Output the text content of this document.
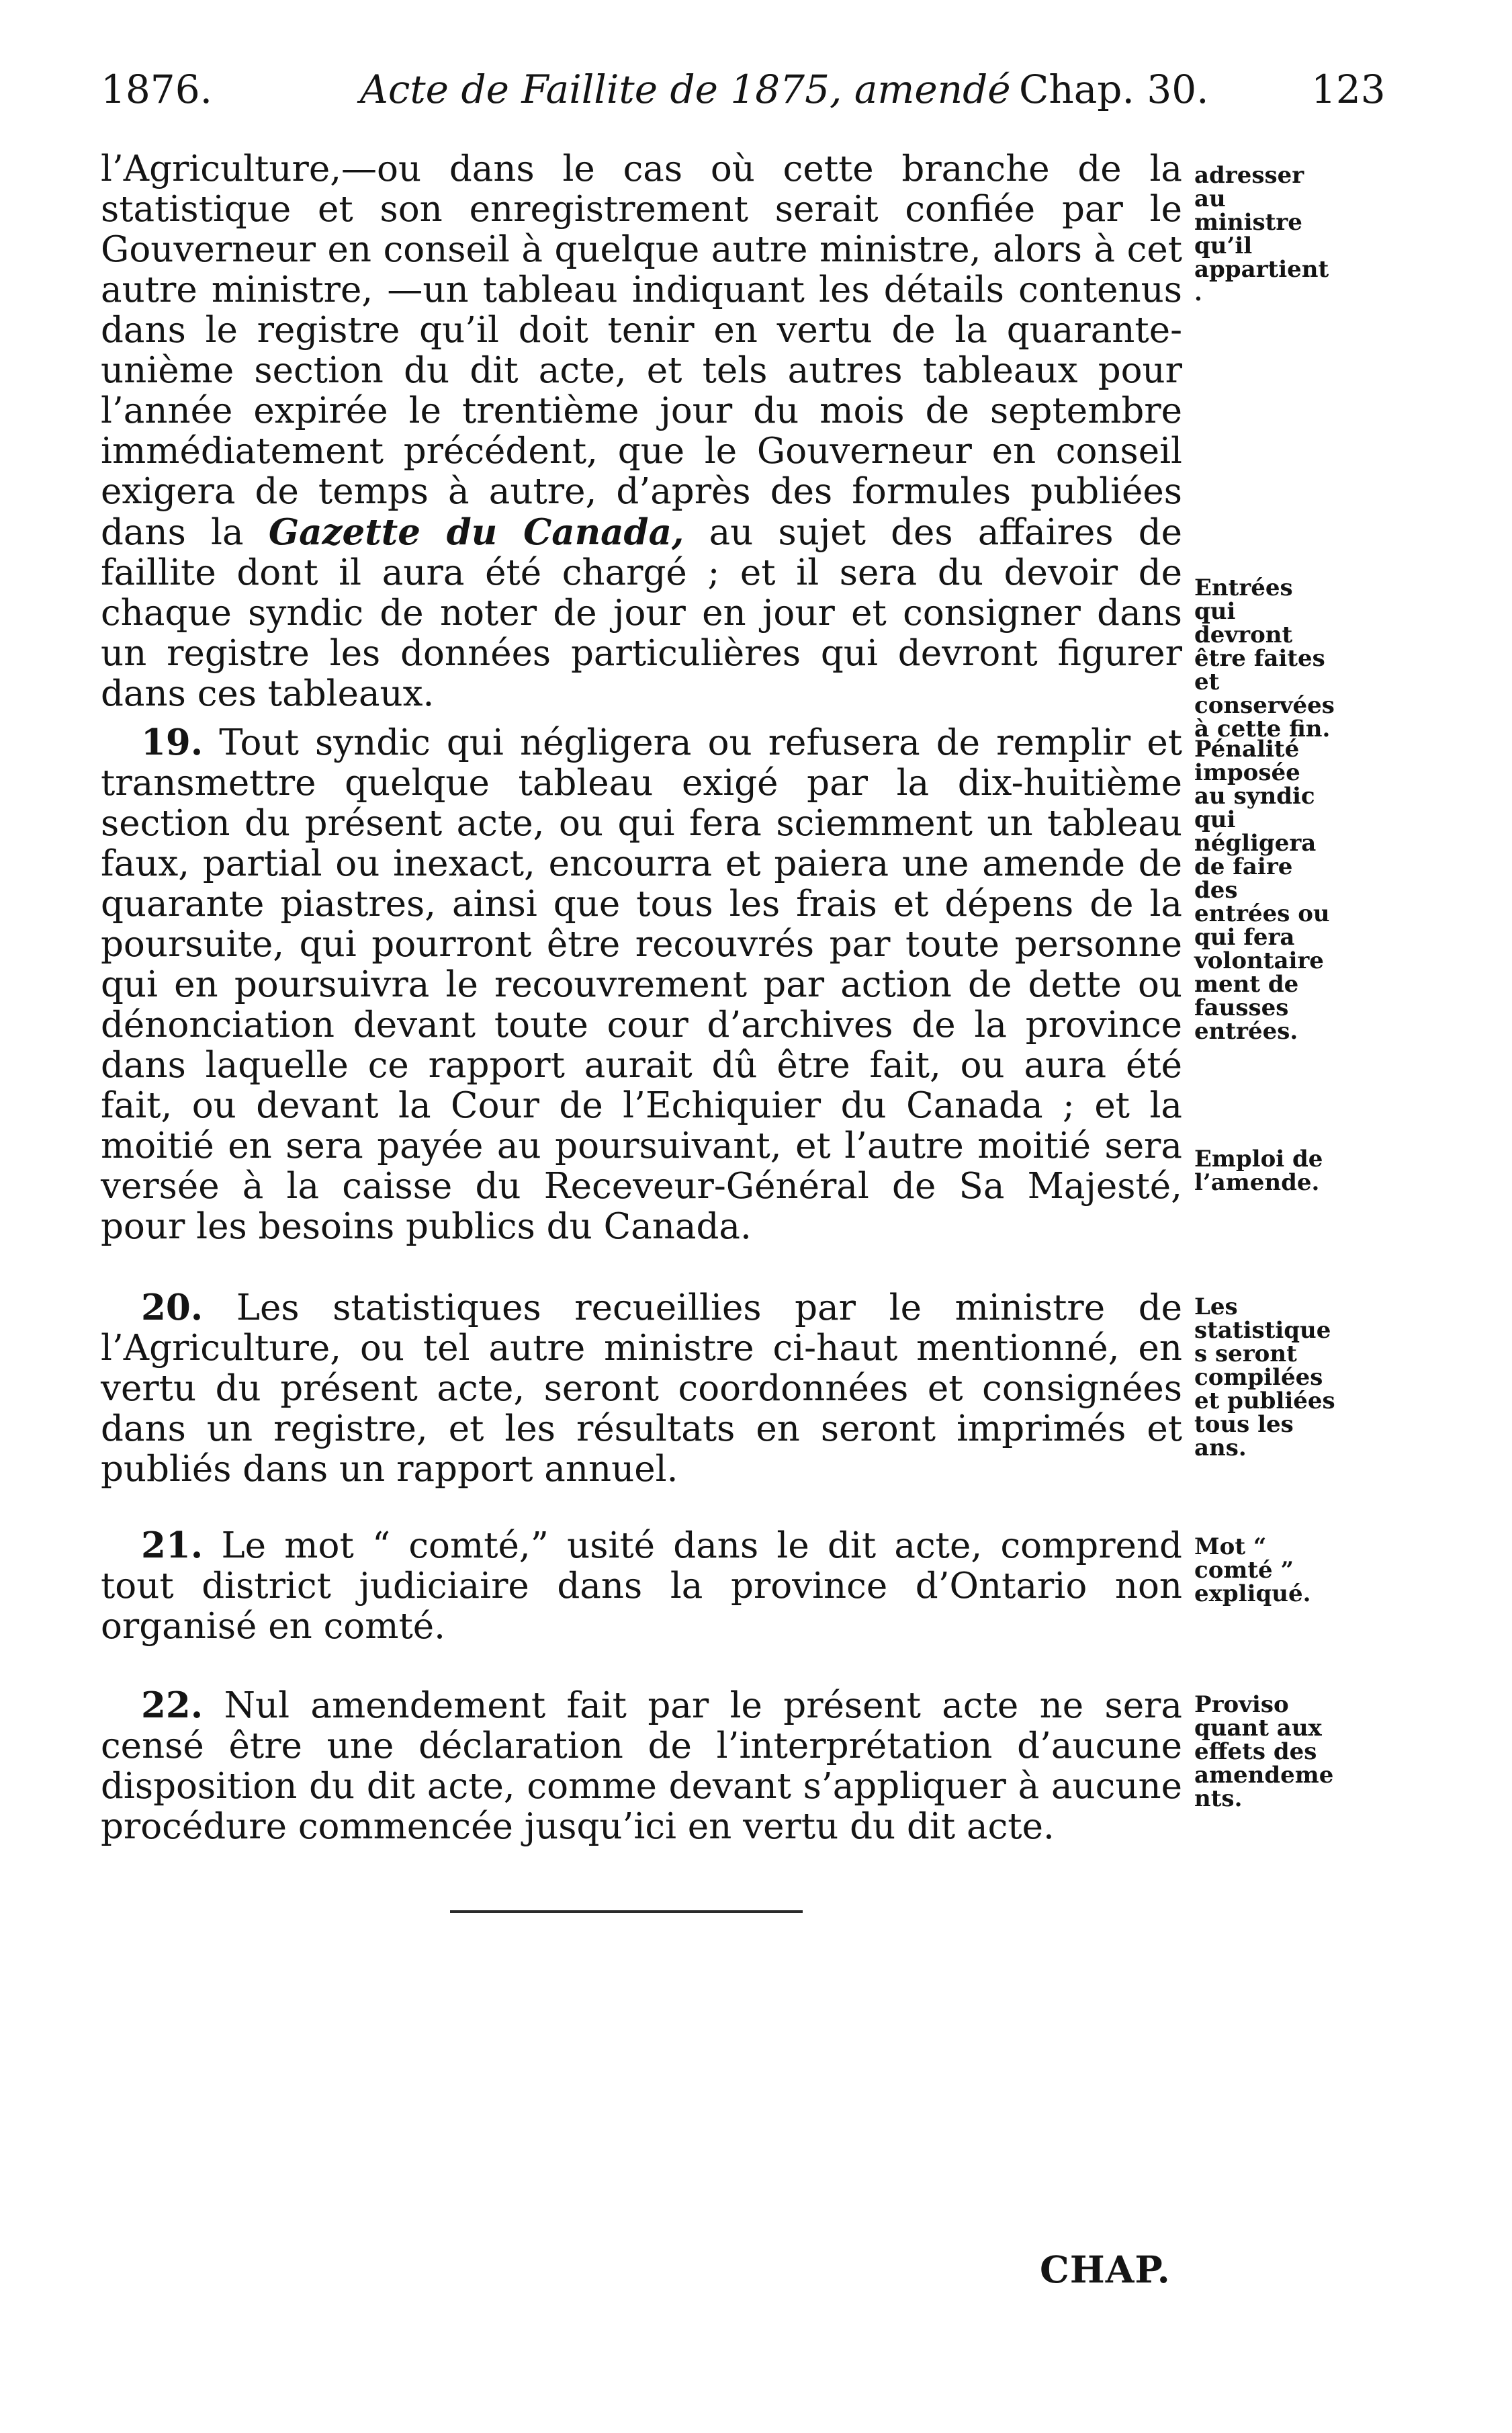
1876.	Acte de Faillite de 1875, amendé Chap. 30.	123
l’Agriculture,—ou dans le cas où cette branche de la statistique et son enregistrement serait confiée par le Gouverneur en conseil à quelque autre ministre, alors à cet autre ministre, —un tableau indiquant les détails contenus dans le registre qu’il doit tenir en vertu de la quarante-unième section du dit acte, et tels autres tableaux pour l’année expirée le trentième jour du mois de septembre immédiatement précédent, que le Gouverneur en conseil exigera de temps à autre, d’après des formules publiées dans la Gazette du Canada, au sujet des affaires de faillite dont il aura été chargé ; et il sera du devoir de chaque syndic de noter de jour en jour et consigner dans un registre les données particulières qui devront figurer dans ces tableaux.
19. Tout syndic qui négligera ou refusera de remplir et transmettre quelque tableau exigé par la dix-huitième section du présent acte, ou qui fera sciemment un tableau faux, partial ou inexact, encourra et paiera une amende de quarante piastres, ainsi que tous les frais et dépens de la poursuite, qui pourront être recouvrés par toute personne qui en poursuivra le recouvrement par action de dette ou dénonciation devant toute cour d’archives de la province dans laquelle ce rapport aurait dû être fait, ou aura été fait, ou devant la Cour de l’Echiquier du Canada ; et la moitié en sera payée au poursuivant, et l’autre moitié sera versée à la caisse du Receveur-Général de Sa Majesté, pour les besoins publics du Canada.
20. Les statistiques recueillies par le ministre de l’Agriculture, ou tel autre ministre ci-haut mentionné, en vertu du présent acte, seront coordonnées et consignées dans un registre, et les résultats en seront imprimés et publiés dans un rapport annuel.
21. Le mot “ comté,” usité dans le dit acte, comprend tout district judiciaire dans la province d’Ontario non organisé en comté.
22. Nul amendement fait par le présent acte ne sera censé être une déclaration de l’interprétation d’aucune disposition du dit acte, comme devant s’appliquer à aucune procédure commencée jusqu’ici en vertu du dit acte.
adresser au ministre qu’il appartient.
Entrées qui devront être faites et conservées à cette fin.
Pénalité imposée au syndic qui négligera de faire des entrées ou qui fera volontairement de fausses entrées.
Emploi de l’amende.
Les statistiques seront compilées et publiées tous les ans.
Mot “ comté ” expliqué.
Proviso quant aux effets des amendements.
CHAP.
